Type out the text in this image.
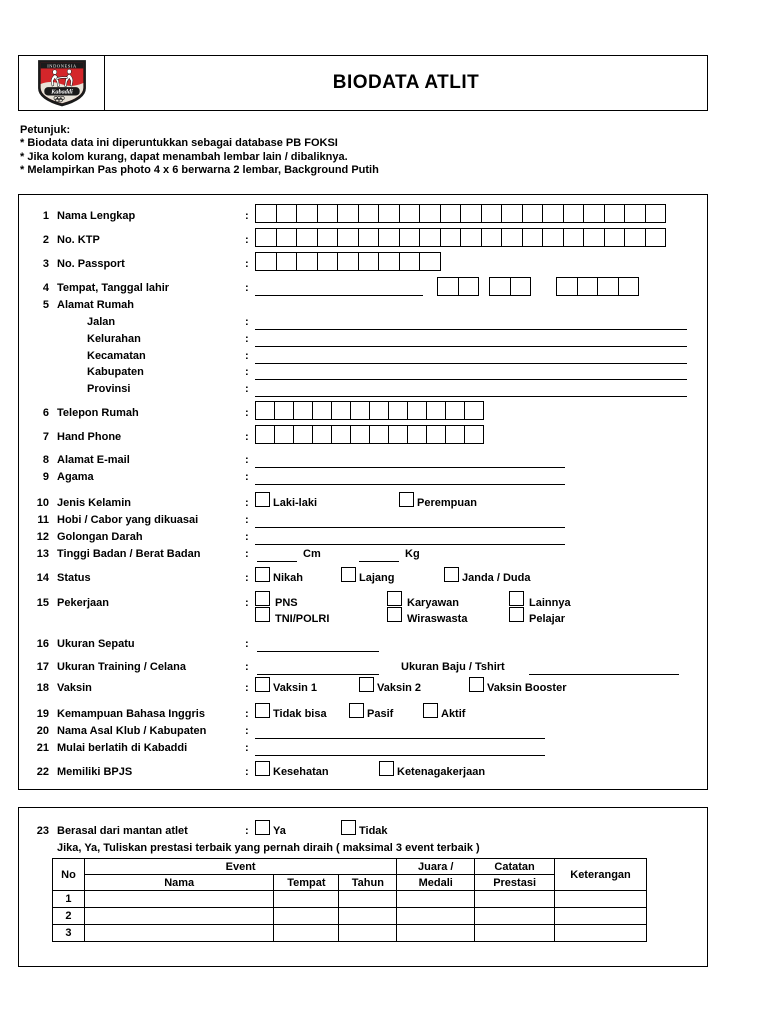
INDONESIA
Kabaddi	BIODATA ATLIT
Petunjuk:
* Biodata data ini diperuntukkan sebagai database PB FOKSI
* Jika kolom kurang, dapat menambah lembar lain / dibaliknya.
* Melampirkan Pas photo 4 x 6 berwarna 2 lembar, Background Putih
1 Nama Lengkap	:
2 No. KTP	:
3 No. Passport	:
4 Tempat, Tanggal lahir	:
5 Alamat Rumah
Jalan	:
Kelurahan	:
Kecamatan	:
Kabupaten	:
Provinsi	:
6 Telepon Rumah	:
7 Hand Phone	:
8 Alamat E-mail	:
9 Agama	:
10 Jenis Kelamin	: Laki-laki	Perempuan
11 Hobi / Cabor yang dikuasai	:
12 Golongan Darah	:
13 Tinggi Badan / Berat Badan	:	Cm	Kg
14 Status	: Nikah	Lajang	Janda / Duda
15 Pekerjaan	: PNS	Karyawan	Lainnya
TNI/POLRI	Wiraswasta	Pelajar
16 Ukuran Sepatu	:
17 Ukuran Training / Celana	:	Ukuran Baju / Tshirt
18 Vaksin	: Vaksin 1	Vaksin 2	Vaksin Booster
19 Kemampuan Bahasa Inggris	: Tidak bisa	Pasif	Aktif
20 Nama Asal Klub / Kabupaten	:
21 Mulai berlatih di Kabaddi	:
22 Memiliki BPJS	: Kesehatan	Ketenagakerjaan
23 Berasal dari mantan atlet	: Ya	Tidak
Jika, Ya, Tuliskan prestasi terbaik yang pernah diraih ( maksimal 3 event terbaik )
No	Event			Juara /	Catatan	Keterangan
	Nama	Tempat	Tahun	Medali	Prestasi	
1						
2						
3						
